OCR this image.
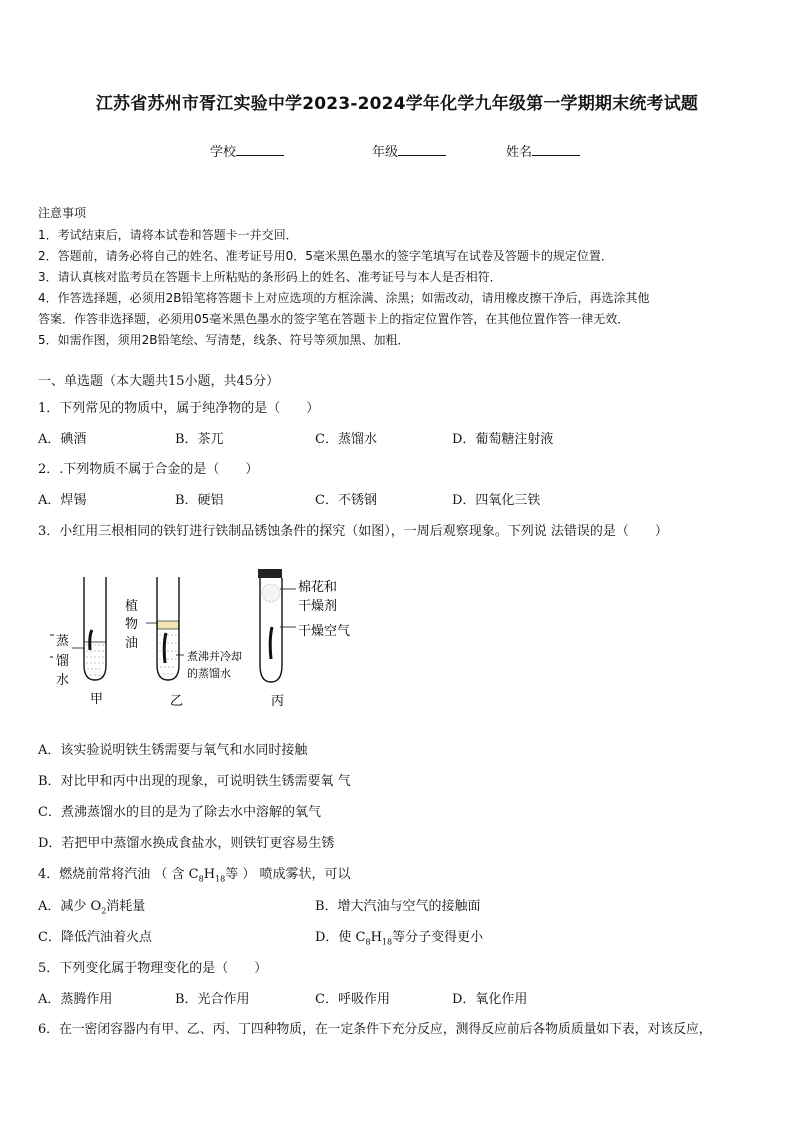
江苏省苏州市胥江实验中学2023-2024学年化学九年级第一学期期末统考试题
学校	年级	姓名
注意事项
1．考试结束后，请将本试卷和答题卡一并交回．
2．答题前，请务必将自己的姓名、准考证号用0．5毫米黑色墨水的签字笔填写在试卷及答题卡的规定位置．
3．请认真核对监考员在答题卡上所粘贴的条形码上的姓名、准考证号与本人是否相符．
4．作答选择题，必须用2B铅笔将答题卡上对应选项的方框涂满、涂黑；如需改动，请用橡皮擦干净后，再选涂其他
答案．作答非选择题，必须用05毫米黑色墨水的签字笔在答题卡上的指定位置作答，在其他位置作答一律无效．
5．如需作图，须用2B铅笔绘、写清楚，线条、符号等须加黑、加粗．
一、单选题（本大题共15小题，共45分）
1．下列常见的物质中，属于纯净物的是（　　）
A．碘酒	B．茶兀	C．蒸馏水	D．葡萄糖注射液
2．.下列物质不属于合金的是（　　）
A．焊锡	B．硬铝	C．不锈钢	D．四氧化三铁
3．小红用三根相同的铁钉进行铁制品锈蚀条件的探究（如图），一周后观察现象。下列说 法错误的是（　　）
蒸
馏
水
甲
植
物
油
煮沸并冷却
的蒸馏水
乙
棉花和
干燥剂
干燥空气
丙
A．该实验说明铁生锈需要与氧气和水同时接触
B．对比甲和丙中出现的现象，可说明铁生锈需要氧 气
C．煮沸蒸馏水的目的是为了除去水中溶解的氧气
D．若把甲中蒸馏水换成食盐水，则铁钉更容易生锈
4．燃烧前常将汽油 （ 含 $C_8H_{18}$等 ） 喷成雾状，可以
A．减少 $O_2$消耗量	B．增大汽油与空气的接触面
C．降低汽油着火点	D．使 $C_8H_{18}$等分子变得更小
5．下列变化属于物理变化的是（　　）
A．蒸腾作用	B．光合作用	C．呼吸作用	D．氧化作用
6．在一密闭容器内有甲、乙、丙、丁四种物质，在一定条件下充分反应，测得反应前后各物质质量如下表，对该反应，
